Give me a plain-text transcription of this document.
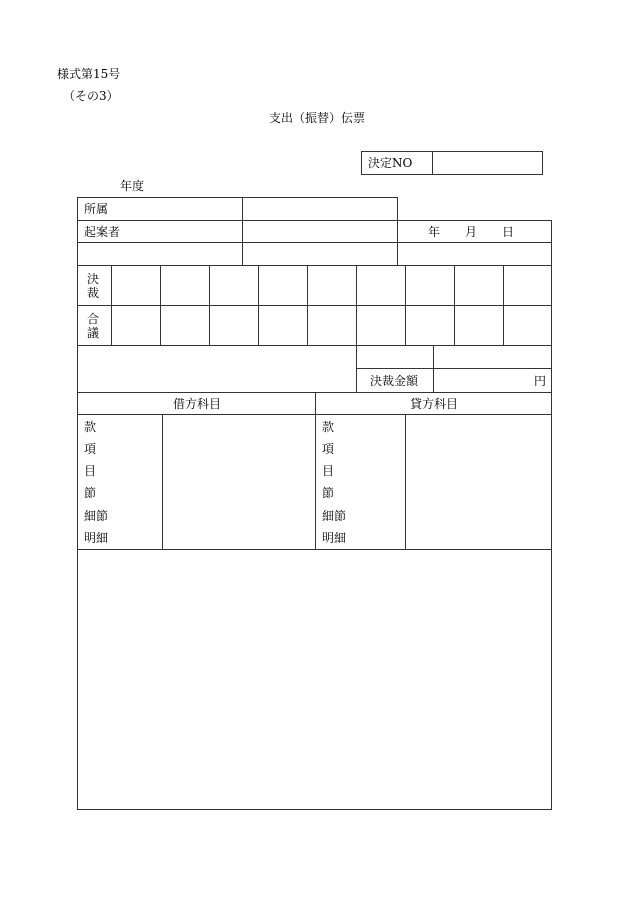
様式第15号
（その3）
支出（振替）伝票
決定NO
年度
所属
起案者	年 月 日
決
裁
合
議
決裁金額	円
借方科目	貸方科目
款
項
目
節
細節
明細
款
項
目
節
細節
明細
